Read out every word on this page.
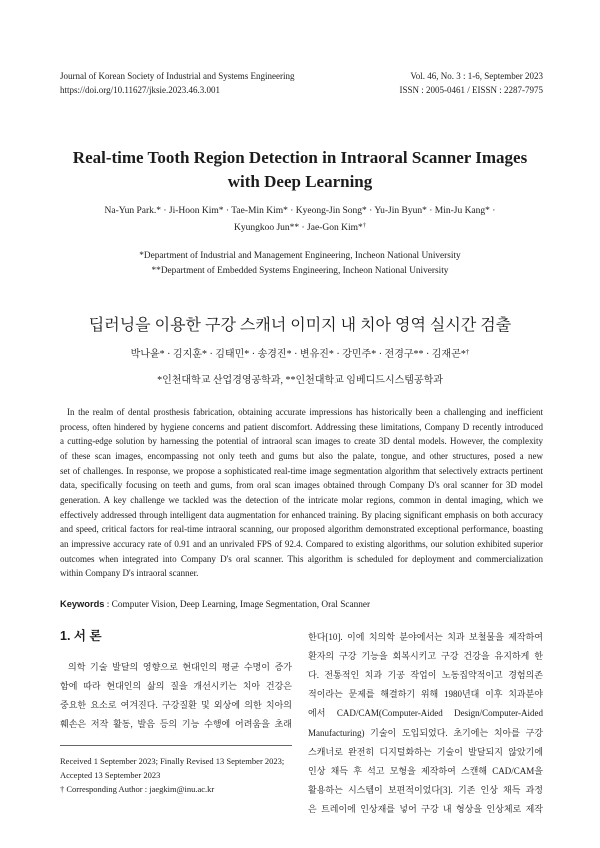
Journal of Korean Society of Industrial and Systems Engineering
https://doi.org/10.11627/jksie.2023.46.3.001
Vol. 46, No. 3 : 1-6, September 2023
ISSN : 2005-0461 / EISSN : 2287-7975
Real-time Tooth Region Detection in Intraoral Scanner Images
with Deep Learning
Na-Yun Park.* · Ji-Hoon Kim* · Tae-Min Kim* · Kyeong-Jin Song* · Yu-Jin Byun* · Min-Ju Kang* ·
Kyungkoo Jun** · Jae-Gon Kim*†
*Department of Industrial and Management Engineering, Incheon National University
**Department of Embedded Systems Engineering, Incheon National University
딥러닝을 이용한 구강 스캐너 이미지 내 치아 영역 실시간 검출
박나윤* · 김지훈* · 김태민* · 송경진* · 변유진* · 강민주* · 전경구** · 김재곤*†
*인천대학교 산업경영공학과, **인천대학교 임베디드시스템공학과
In the realm of dental prosthesis fabrication, obtaining accurate impressions has historically been a challenging and inefficient
process, often hindered by hygiene concerns and patient discomfort. Addressing these limitations, Company D recently introduced
a cutting-edge solution by harnessing the potential of intraoral scan images to create 3D dental models. However, the complexity
of these scan images, encompassing not only teeth and gums but also the palate, tongue, and other structures, posed a new
set of challenges. In response, we propose a sophisticated real-time image segmentation algorithm that selectively extracts pertinent
data, specifically focusing on teeth and gums, from oral scan images obtained through Company D's oral scanner for 3D model
generation. A key challenge we tackled was the detection of the intricate molar regions, common in dental imaging, which we
effectively addressed through intelligent data augmentation for enhanced training. By placing significant emphasis on both accuracy
and speed, critical factors for real-time intraoral scanning, our proposed algorithm demonstrated exceptional performance, boasting
an impressive accuracy rate of 0.91 and an unrivaled FPS of 92.4. Compared to existing algorithms, our solution exhibited superior
outcomes when integrated into Company D's oral scanner. This algorithm is scheduled for deployment and commercialization
within Company D's intraoral scanner.
Keywords : Computer Vision, Deep Learning, Image Segmentation, Oral Scanner
1. 서 론
의학 기술 발달의 영향으로 현대인의 평균 수명이 증가
함에 따라 현대인의 삶의 질을 개선시키는 치아 건강은
중요한 요소로 여겨진다. 구강질환 및 외상에 의한 치아의
훼손은 저작 활동, 발음 등의 기능 수행에 어려움을 초래
Received 1 September 2023; Finally Revised 13 September 2023;
Accepted 13 September 2023
† Corresponding Author : jaegkim@inu.ac.kr
한다[10]. 이에 치의학 분야에서는 치과 보철물을 제작하여
환자의 구강 기능을 회복시키고 구강 건강을 유지하게 한
다. 전통적인 치과 기공 작업이 노동집약적이고 경험의존
적이라는 문제를 해결하기 위해 1980년대 이후 치과분야
에서 CAD/CAM(Computer-Aided Design/Computer-Aided
Manufacturing) 기술이 도입되었다. 초기에는 치아를 구강
스캐너로 완전히 디지털화하는 기술이 발달되지 않았기에
인상 채득 후 석고 모형을 제작하여 스캔해 CAD/CAM을
활용하는 시스템이 보편적이었다[3]. 기존 인상 채득 과정
은 트레이에 인상재를 넣어 구강 내 형상을 인상체로 제작
